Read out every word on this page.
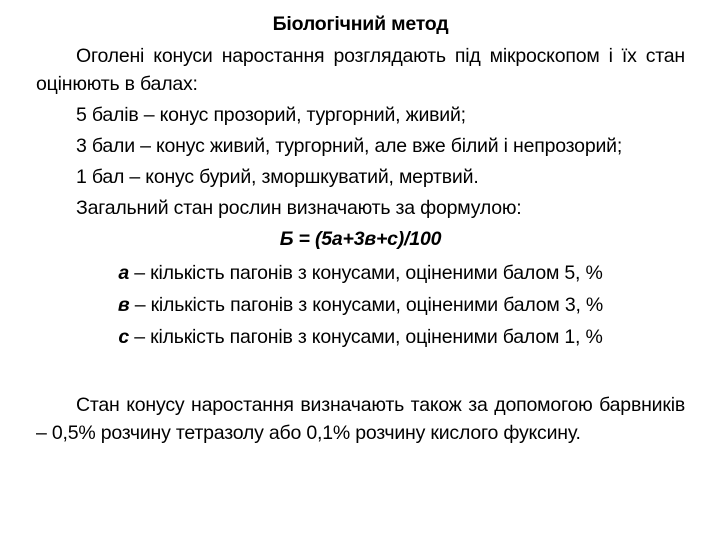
Біологічний метод

Оголені конуси наростання розглядають під мікроскопом і їх стан оцінюють в балах:

5 балів – конус прозорий, тургорний, живий;

3 бали – конус живий, тургорний, але вже білий і непрозорий;

1 бал – конус бурий, зморшкуватий, мертвий.

Загальний стан рослин визначають за формулою:

Б = (5а+3в+с)/100
а – кількість пагонів з конусами, оціненими балом 5, %
в – кількість пагонів з конусами, оціненими балом 3, %
с – кількість пагонів з конусами, оціненими балом 1, %

Стан конусу наростання визначають також за допомогою барвників – 0,5% розчину тетразолу або 0,1% розчину кислого фуксину.
